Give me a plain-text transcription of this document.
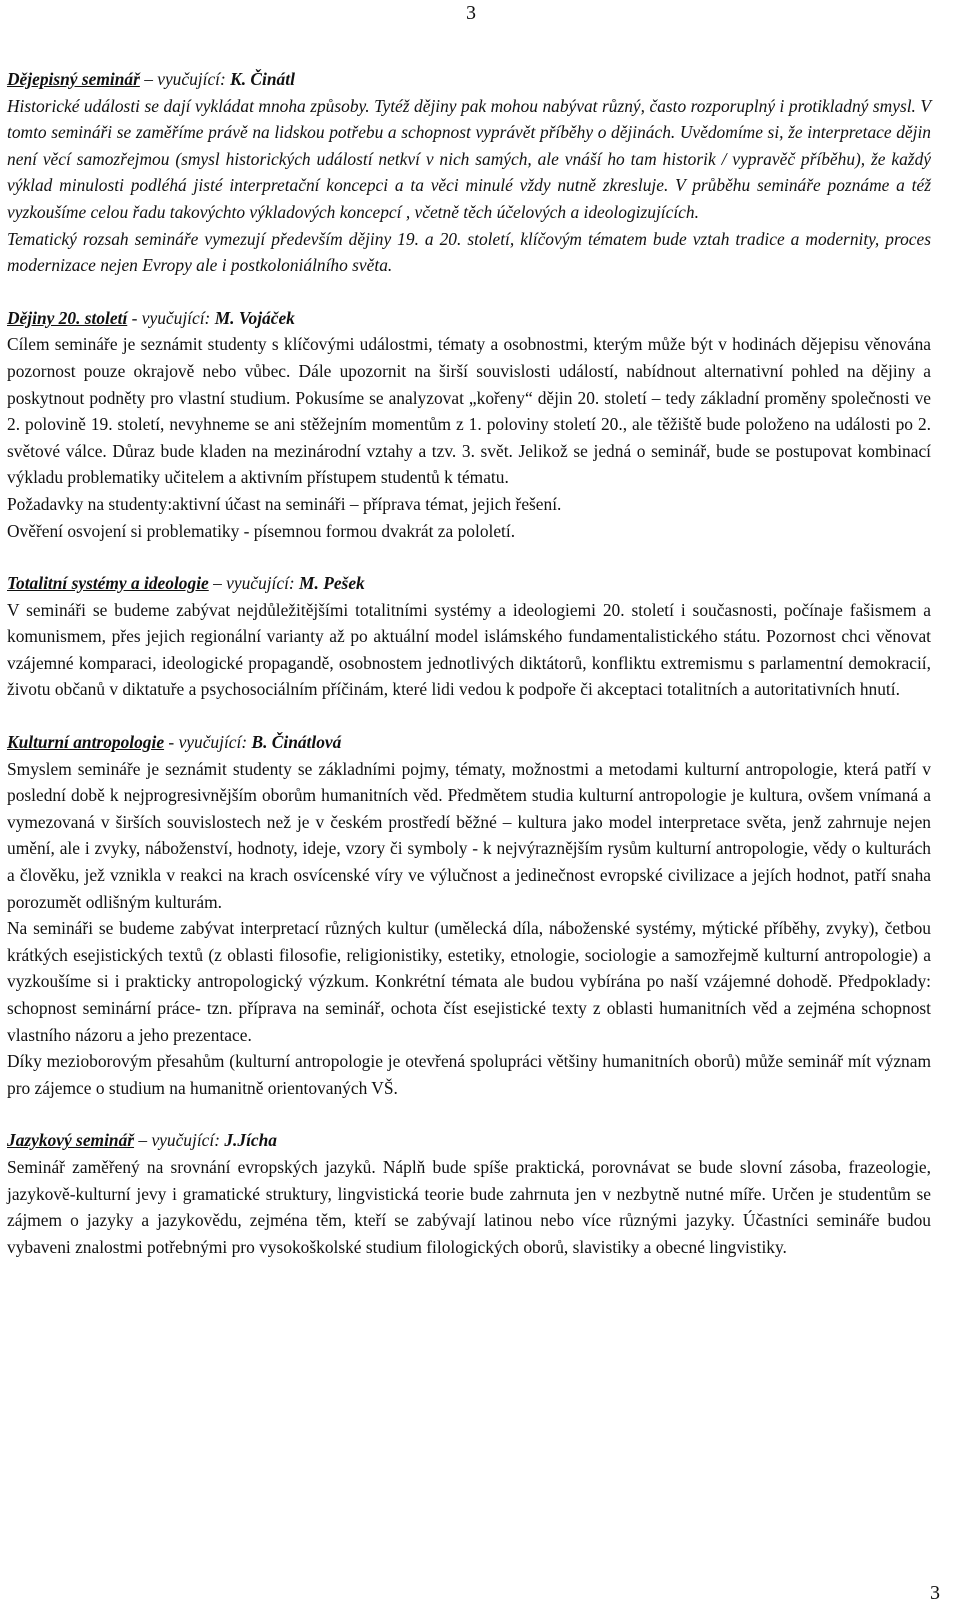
3
Dějepisný seminář – vyučující: K. Činátl

Historické události se dají vykládat mnoha způsoby. Tytéž dějiny pak mohou nabývat různý, často rozporuplný i protikladný smysl. V tomto semináři se zaměříme právě na lidskou potřebu a schopnost vyprávět příběhy o dějinách. Uvědomíme si, že interpretace dějin není věcí samozřejmou (smysl historických událostí netkví v nich samých, ale vnáší ho tam historik / vypravěč příběhu), že každý výklad minulosti podléhá jisté interpretační koncepci a ta věci minulé vždy nutně zkresluje. V průběhu semináře poznáme a též vyzkoušíme celou řadu takovýchto výkladových koncepcí , včetně těch účelových a ideologizujících.

Tematický rozsah semináře vymezují především dějiny 19. a 20. století, klíčovým tématem bude vztah tradice a modernity, proces modernizace nejen Evropy ale i postkoloniálního světa.

Dějiny 20. století - vyučující: M. Vojáček

Cílem semináře je seznámit studenty s klíčovými událostmi, tématy a osobnostmi, kterým může být v hodinách dějepisu věnována pozornost pouze okrajově nebo vůbec. Dále upozornit na širší souvislosti událostí, nabídnout alternativní pohled na dějiny a poskytnout podněty pro vlastní studium. Pokusíme se analyzovat „kořeny“ dějin 20. století – tedy základní proměny společnosti ve 2. polovině 19. století, nevyhneme se ani stěžejním momentům z 1. poloviny století 20., ale těžiště bude položeno na události po 2. světové válce. Důraz bude kladen na mezinárodní vztahy a tzv. 3. svět. Jelikož se jedná o seminář, bude se postupovat kombinací výkladu problematiky učitelem a aktivním přístupem studentů k tématu.

Požadavky na studenty:aktivní účast na semináři – příprava témat, jejich řešení.

Ověření osvojení si problematiky - písemnou formou dvakrát za pololetí.

Totalitní systémy a ideologie – vyučující: M. Pešek

V semináři se budeme zabývat nejdůležitějšími totalitními systémy a ideologiemi 20. století i současnosti, počínaje fašismem a komunismem, přes jejich regionální varianty až po aktuální model islámského fundamentalistického státu. Pozornost chci věnovat vzájemné komparaci, ideologické propagandě, osobnostem jednotlivých diktátorů, konfliktu extremismu s parlamentní demokracií, životu občanů v diktatuře a psychosociálním příčinám, které lidi vedou k podpoře či akceptaci totalitních a autoritativních hnutí.

Kulturní antropologie - vyučující: B. Činátlová

Smyslem semináře je seznámit studenty se základními pojmy, tématy, možnostmi a metodami kulturní antropologie, která patří v poslední době k nejprogresivnějším oborům humanitních věd. Předmětem studia kulturní antropologie je kultura, ovšem vnímaná a vymezovaná v širších souvislostech než je v českém prostředí běžné – kultura jako model interpretace světa, jenž zahrnuje nejen umění, ale i zvyky, náboženství, hodnoty, ideje, vzory či symboly - k nejvýraznějším rysům kulturní antropologie, vědy o kulturách a člověku, jež vznikla v reakci na krach osvícenské víry ve výlučnost a jedinečnost evropské civilizace a jejích hodnot, patří snaha porozumět odlišným kulturám.

Na semináři se budeme zabývat interpretací různých kultur (umělecká díla, náboženské systémy, mýtické příběhy, zvyky), četbou krátkých esejistických textů (z oblasti filosofie, religionistiky, estetiky, etnologie, sociologie a samozřejmě kulturní antropologie) a vyzkoušíme si i prakticky antropologický výzkum. Konkrétní témata ale budou vybírána po naší vzájemné dohodě. Předpoklady: schopnost seminární práce- tzn. příprava na seminář, ochota číst esejistické texty z oblasti humanitních věd a zejména schopnost vlastního názoru a jeho prezentace.

Díky mezioborovým přesahům (kulturní antropologie je otevřená spolupráci většiny humanitních oborů) může seminář mít význam pro zájemce o studium na humanitně orientovaných VŠ.

Jazykový seminář – vyučující: J.Jícha

Seminář zaměřený na srovnání evropských jazyků. Náplň bude spíše praktická, porovnávat se bude slovní zásoba, frazeologie, jazykově-kulturní jevy i gramatické struktury, lingvistická teorie bude zahrnuta jen v nezbytně nutné míře. Určen je studentům se zájmem o jazyky a jazykovědu, zejména těm, kteří se zabývají latinou nebo více různými jazyky. Účastníci semináře budou vybaveni znalostmi potřebnými pro vysokoškolské studium filologických oborů, slavistiky a obecné lingvistiky.

3
